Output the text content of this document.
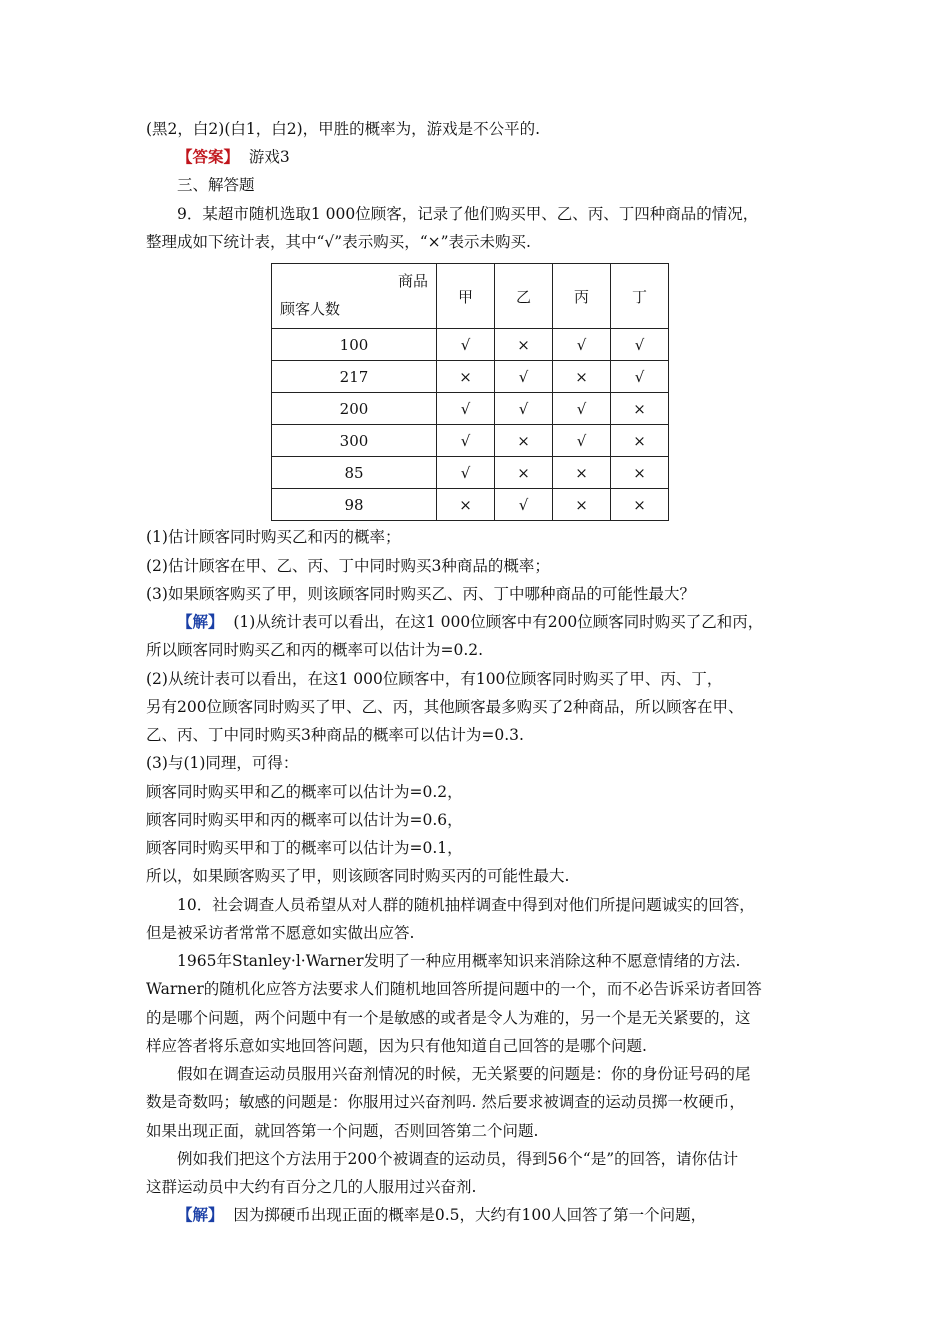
(黑2，白2)(白1，白2)，甲胜的概率为，游戏是不公平的.
【答案】 游戏3
三、解答题
9．某超市随机选取1 000位顾客，记录了他们购买甲、乙、丙、丁四种商品的情况，
整理成如下统计表，其中“√”表示购买，“×”表示未购买.
商品
顾客人数	甲	乙	丙	丁
100	√	×	√	√
217	×	√	×	√
200	√	√	√	×
300	√	×	√	×
85	√	×	×	×
98	×	√	×	×
(1)估计顾客同时购买乙和丙的概率；
(2)估计顾客在甲、乙、丙、丁中同时购买3种商品的概率；
(3)如果顾客购买了甲，则该顾客同时购买乙、丙、丁中哪种商品的可能性最大？
【解】 (1)从统计表可以看出，在这1 000位顾客中有200位顾客同时购买了乙和丙，
所以顾客同时购买乙和丙的概率可以估计为=0.2.
(2)从统计表可以看出，在这1 000位顾客中，有100位顾客同时购买了甲、丙、丁，
另有200位顾客同时购买了甲、乙、丙，其他顾客最多购买了2种商品，所以顾客在甲、
乙、丙、丁中同时购买3种商品的概率可以估计为=0.3.
(3)与(1)同理，可得：
顾客同时购买甲和乙的概率可以估计为=0.2，
顾客同时购买甲和丙的概率可以估计为=0.6，
顾客同时购买甲和丁的概率可以估计为=0.1，
所以，如果顾客购买了甲，则该顾客同时购买丙的可能性最大.
10．社会调查人员希望从对人群的随机抽样调查中得到对他们所提问题诚实的回答，
但是被采访者常常不愿意如实做出应答.
1965年Stanley·l·Warner发明了一种应用概率知识来消除这种不愿意情绪的方法.
Warner的随机化应答方法要求人们随机地回答所提问题中的一个，而不必告诉采访者回答
的是哪个问题，两个问题中有一个是敏感的或者是令人为难的，另一个是无关紧要的，这
样应答者将乐意如实地回答问题，因为只有他知道自己回答的是哪个问题.
假如在调查运动员服用兴奋剂情况的时候，无关紧要的问题是：你的身份证号码的尾
数是奇数吗；敏感的问题是：你服用过兴奋剂吗. 然后要求被调查的运动员掷一枚硬币，
如果出现正面，就回答第一个问题，否则回答第二个问题.
例如我们把这个方法用于200个被调查的运动员，得到56个“是”的回答，请你估计
这群运动员中大约有百分之几的人服用过兴奋剂.
【解】 因为掷硬币出现正面的概率是0.5，大约有100人回答了第一个问题，
